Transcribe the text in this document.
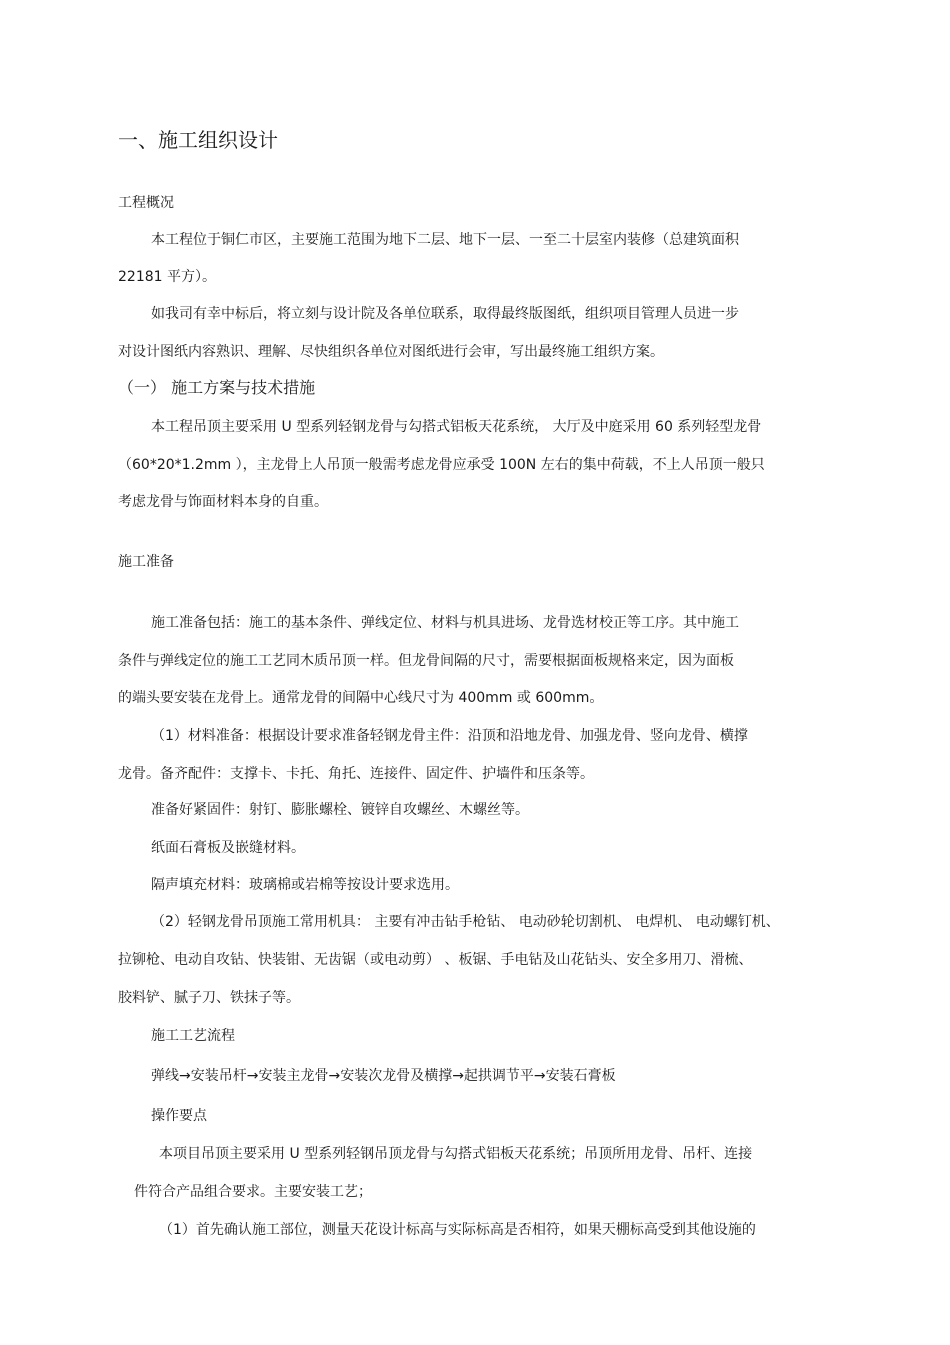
一、施工组织设计
工程概况
本工程位于铜仁市区，主要施工范围为地下二层、地下一层、一至二十层室内装修（总建筑面积
22181 平方）。
如我司有幸中标后，将立刻与设计院及各单位联系，取得最终版图纸，组织项目管理人员进一步
对设计图纸内容熟识、理解、尽快组织各单位对图纸进行会审，写出最终施工组织方案。
（一） 施工方案与技术措施
本工程吊顶主要采用 U 型系列轻钢龙骨与勾搭式铝板天花系统， 大厅及中庭采用 60 系列轻型龙骨
（60*20*1.2mm ），主龙骨上人吊顶一般需考虑龙骨应承受 100N 左右的集中荷载，不上人吊顶一般只
考虑龙骨与饰面材料本身的自重。
施工准备
施工准备包括：施工的基本条件、弹线定位、材料与机具进场、龙骨选材校正等工序。其中施工
条件与弹线定位的施工工艺同木质吊顶一样。但龙骨间隔的尺寸，需要根据面板规格来定，因为面板
的端头要安装在龙骨上。通常龙骨的间隔中心线尺寸为 400mm 或 600mm。
（1）材料准备：根据设计要求准备轻钢龙骨主件：沿顶和沿地龙骨、加强龙骨、竖向龙骨、横撑
龙骨。备齐配件：支撑卡、卡托、角托、连接件、固定件、护墙件和压条等。
准备好紧固件：射钉、膨胀螺栓、镀锌自攻螺丝、木螺丝等。
纸面石膏板及嵌缝材料。
隔声填充材料：玻璃棉或岩棉等按设计要求选用。
（2）轻钢龙骨吊顶施工常用机具： 主要有冲击钻手枪钻、 电动砂轮切割机、 电焊机、 电动螺钉机、
拉铆枪、电动自攻钻、快装钳、无齿锯（或电动剪） 、板锯、手电钻及山花钻头、安全多用刀、滑梳、
胶料铲、腻子刀、铁抹子等。
施工工艺流程
弹线→安装吊杆→安装主龙骨→安装次龙骨及横撑→起拱调节平→安装石膏板
操作要点
本项目吊顶主要采用 U 型系列轻钢吊顶龙骨与勾搭式铝板天花系统；吊顶所用龙骨、吊杆、连接
件符合产品组合要求。主要安装工艺；
（1）首先确认施工部位，测量天花设计标高与实际标高是否相符，如果天棚标高受到其他设施的
